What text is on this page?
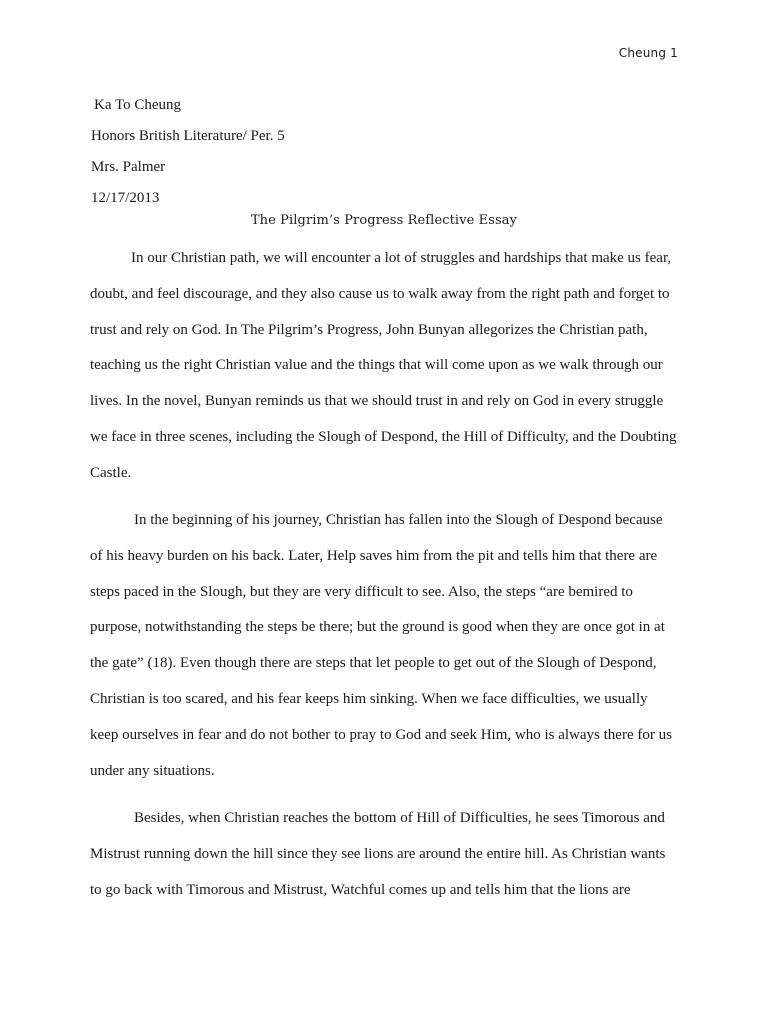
Cheung 1
Ka To Cheung
Honors British Literature/ Per. 5
Mrs. Palmer
12/17/2013
The Pilgrim’s Progress Reflective Essay
In our Christian path, we will encounter a lot of struggles and hardships that make us fear, doubt, and feel discourage, and they also cause us to walk away from the right path and forget to trust and rely on God. In The Pilgrim’s Progress, John Bunyan allegorizes the Christian path, teaching us the right Christian value and the things that will come upon as we walk through our lives. In the novel, Bunyan reminds us that we should trust in and rely on God in every struggle we face in three scenes, including the Slough of Despond, the Hill of Difficulty, and the Doubting Castle.
In the beginning of his journey, Christian has fallen into the Slough of Despond because of his heavy burden on his back. Later, Help saves him from the pit and tells him that there are steps paced in the Slough, but they are very difficult to see. Also, the steps “are bemired to purpose, notwithstanding the steps be there; but the ground is good when they are once got in at the gate” (18). Even though there are steps that let people to get out of the Slough of Despond, Christian is too scared, and his fear keeps him sinking. When we face difficulties, we usually keep ourselves in fear and do not bother to pray to God and seek Him, who is always there for us under any situations.
Besides, when Christian reaches the bottom of Hill of Difficulties, he sees Timorous and Mistrust running down the hill since they see lions are around the entire hill. As Christian wants to go back with Timorous and Mistrust, Watchful comes up and tells him that the lions are
